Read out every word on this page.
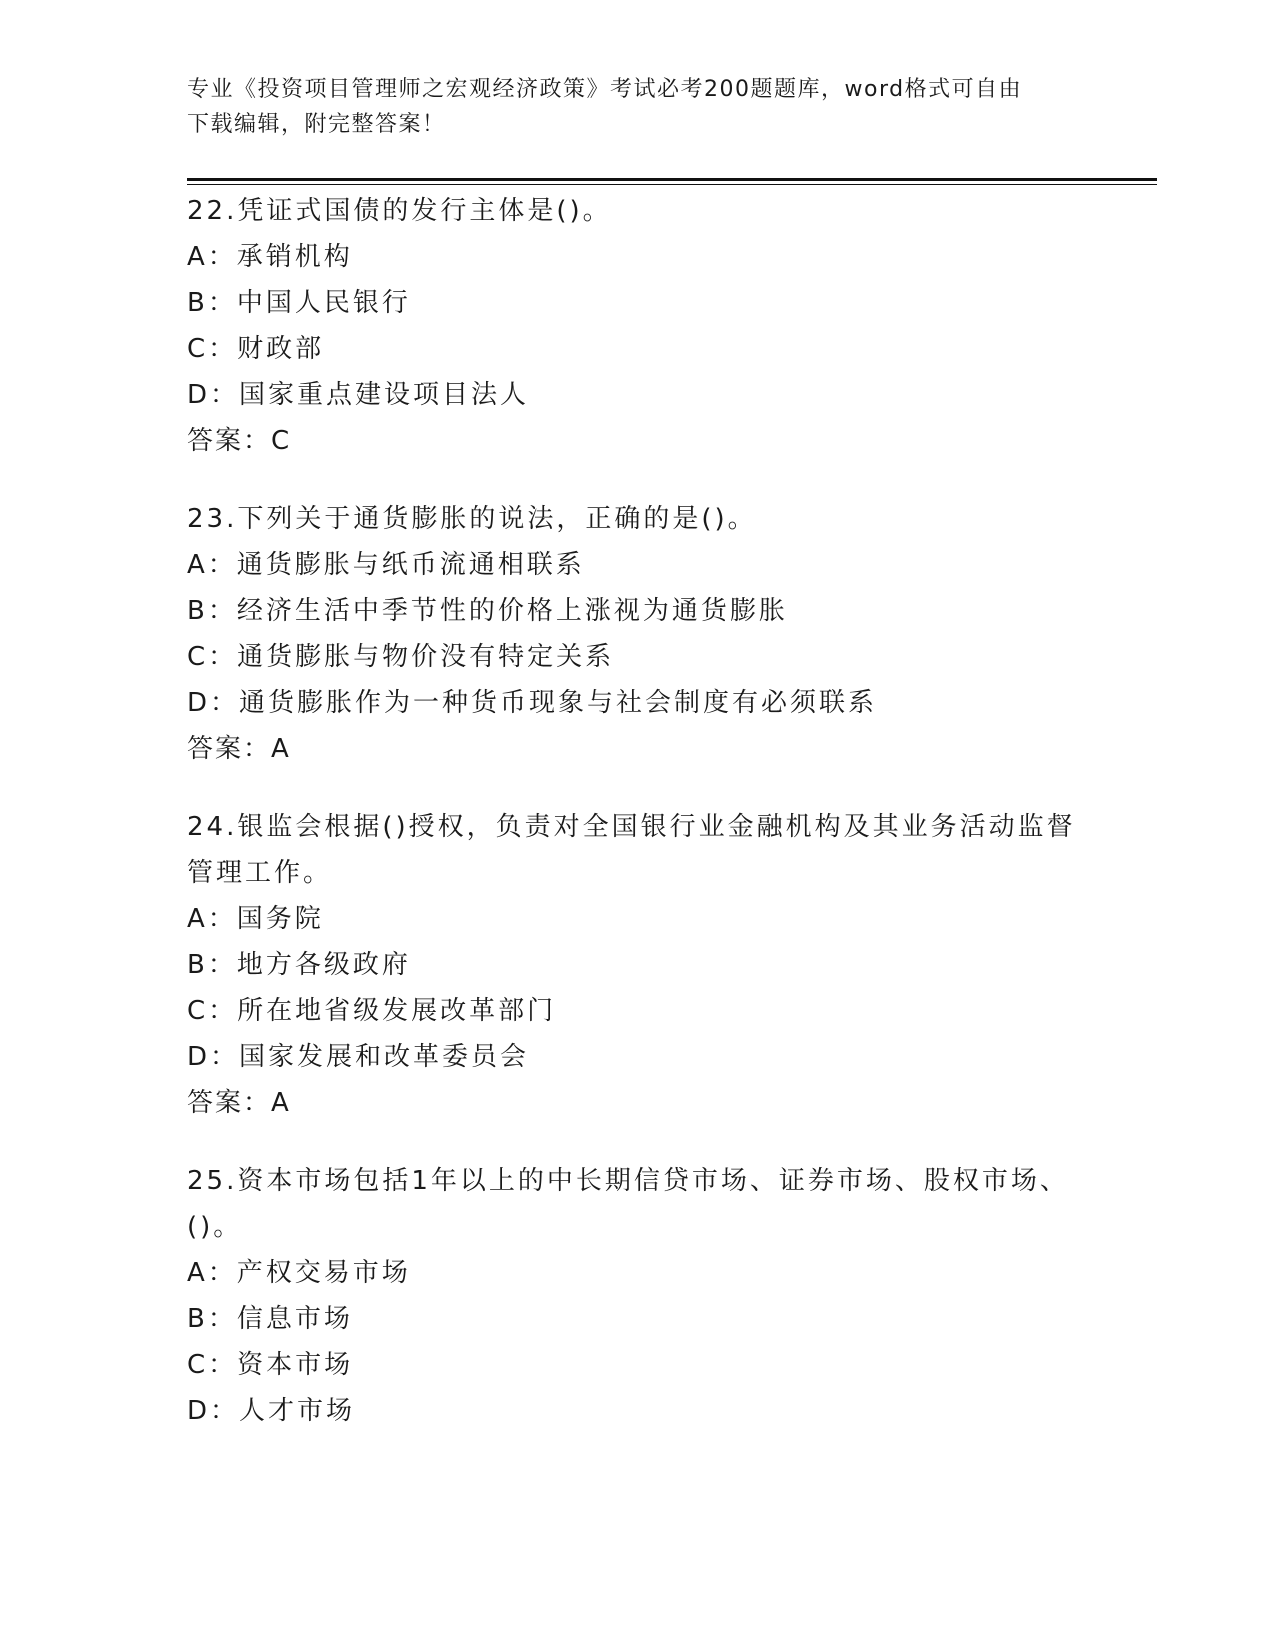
专业《投资项目管理师之宏观经济政策》考试必考200题题库，word格式可自由
下载编辑，附完整答案！
22.凭证式国债的发行主体是()。
A：承销机构
B：中国人民银行
C：财政部
D：国家重点建设项目法人
答案：C
23.下列关于通货膨胀的说法，正确的是()。
A：通货膨胀与纸币流通相联系
B：经济生活中季节性的价格上涨视为通货膨胀
C：通货膨胀与物价没有特定关系
D：通货膨胀作为一种货币现象与社会制度有必须联系
答案：A
24.银监会根据()授权，负责对全国银行业金融机构及其业务活动监督管理工作。
A：国务院
B：地方各级政府
C：所在地省级发展改革部门
D：国家发展和改革委员会
答案：A
25.资本市场包括1年以上的中长期信贷市场、证券市场、股权市场、()。
A：产权交易市场
B：信息市场
C：资本市场
D：人才市场
